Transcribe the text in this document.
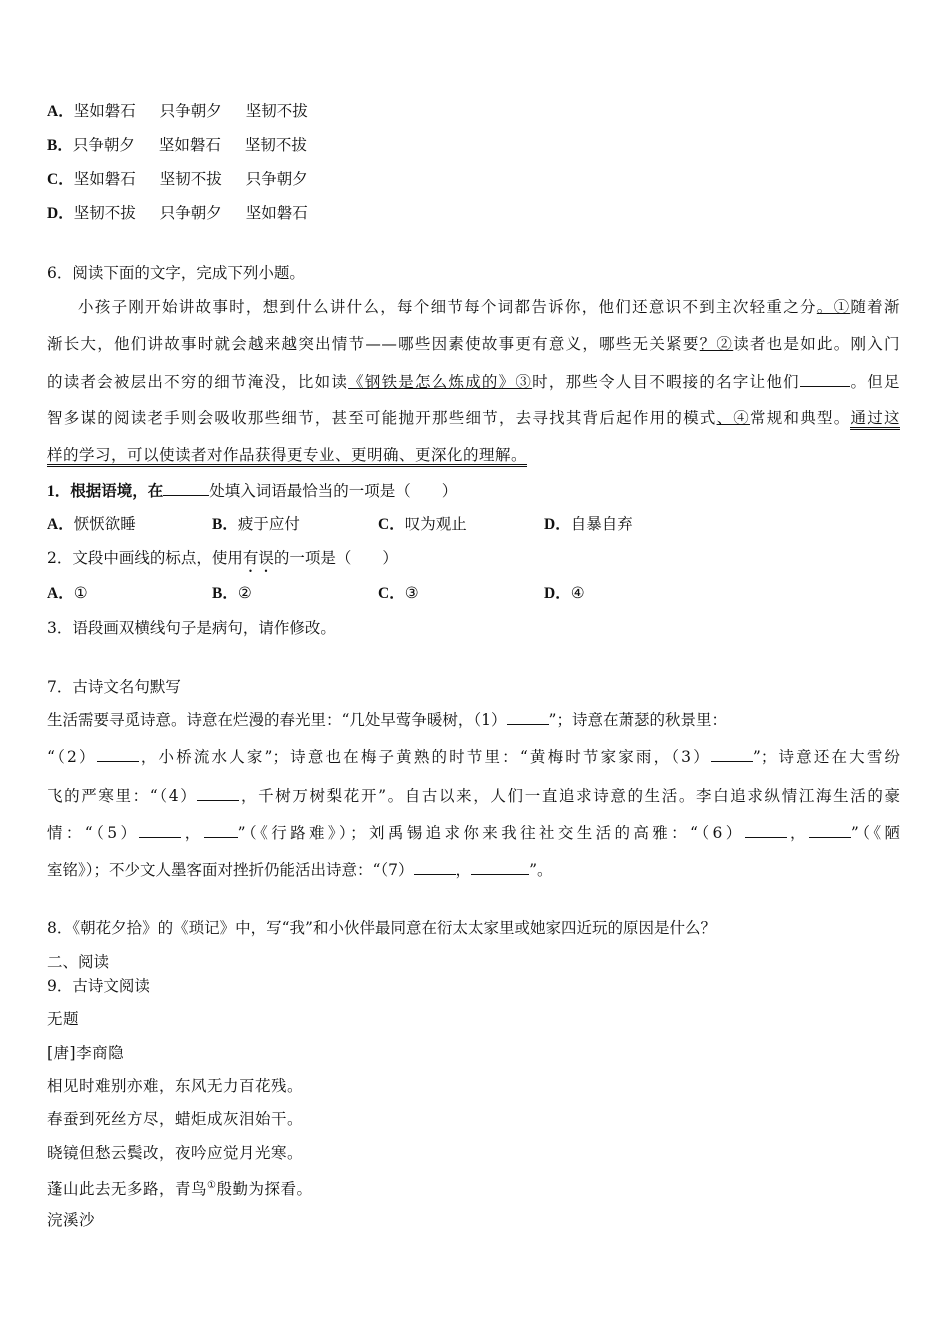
A．坚如磐石 只争朝夕 坚韧不拔
B．只争朝夕 坚如磐石 坚韧不拔
C．坚如磐石 坚韧不拔 只争朝夕
D．坚韧不拔 只争朝夕 坚如磐石
6．阅读下面的文字，完成下列小题。
小孩子刚开始讲故事时，想到什么讲什么，每个细节每个词都告诉你，他们还意识不到主次轻重之分。①随着渐
渐长大，他们讲故事时就会越来越突出情节——哪些因素使故事更有意义，哪些无关紧要？②读者也是如此。刚入门
的读者会被层出不穷的细节淹没，比如读《钢铁是怎么炼成的》③时，那些令人目不暇接的名字让他们	。但足
智多谋的阅读老手则会吸收那些细节，甚至可能抛开那些细节，去寻找其背后起作用的模式、④常规和典型。通过这
样的学习，可以使读者对作品获得更专业、更明确、更深化的理解。
1．根据语境，在	处填入词语最恰当的一项是（　　）
A．恹恹欲睡	B．疲于应付	C．叹为观止	D．自暴自弃
2．文段中画线的标点，使用有误的一项是（　　）
A．①	B．②	C．③	D．④
3．语段画双横线句子是病句，请作修改。
7．古诗文名句默写
生活需要寻觅诗意。诗意在烂漫的春光里：“几处早莺争暖树，（1）	”；诗意在萧瑟的秋景里：
“（2）	，小桥流水人家”；诗意也在梅子黄熟的时节里：“黄梅时节家家雨，（3）	”；诗意还在大雪纷
飞的严寒里：“（4）	，千树万树梨花开”。自古以来，人们一直追求诗意的生活。李白追求纵情江海生活的豪
情：“（5）	， ”（《行路难》）；刘禹锡追求你来我往社交生活的高雅：“（6）	，	”（《陋
室铭》）；不少文人墨客面对挫折仍能活出诗意：“（7）	，	”。
8．《朝花夕拾》的《琐记》中，写“我”和小伙伴最同意在衍太太家里或她家四近玩的原因是什么？
二、阅读
9．古诗文阅读
无题
[唐]李商隐
相见时难别亦难，东风无力百花残。
春蚕到死丝方尽，蜡炬成灰泪始干。
晓镜但愁云鬓改，夜吟应觉月光寒。
蓬山此去无多路，青鸟①殷勤为探看。
浣溪沙
